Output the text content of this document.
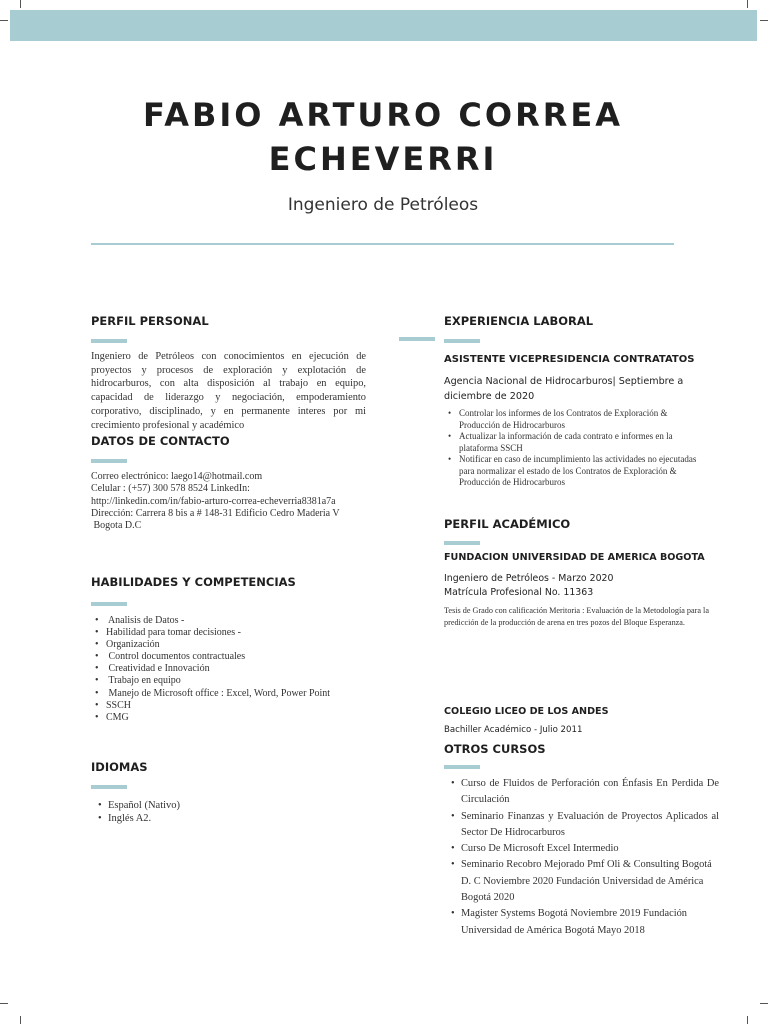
FABIO ARTURO CORREA ECHEVERRI
Ingeniero de Petróleos
PERFIL PERSONAL
Ingeniero de Petróleos con conocimientos en ejecución de proyectos y procesos de exploración y explotación de hidrocarburos, con alta disposición al trabajo en equipo, capacidad de liderazgo y negociación, empoderamiento corporativo, disciplinado, y en permanente interes por mi crecimiento profesional y académico
DATOS DE CONTACTO
Correo electrónico: laego14@hotmail.com
Celular : (+57) 300 578 8524 LinkedIn:
http://linkedin.com/in/fabio-arturo-correa-echeverria8381a7a
Dirección: Carrera 8 bis a # 148-31 Edificio Cedro Maderia V
Bogota D.C
HABILIDADES Y COMPETENCIAS
•  Analisis de Datos -
• Habilidad para tomar decisiones -
• Organización
•  Control documentos contractuales
•  Creatividad e Innovación
•  Trabajo en equipo
•  Manejo de Microsoft office : Excel, Word, Power Point
• SSCH
• CMG
IDIOMAS
• Español (Nativo)
• Inglés A2.
EXPERIENCIA LABORAL
ASISTENTE VICEPRESIDENCIA CONTRATATOS
Agencia Nacional de Hidrocarburos| Septiembre a
diciembre de 2020
• Controlar los informes de los Contratos de Exploración & Producción de Hidrocarburos
• Actualizar la información de cada contrato e informes en la plataforma SSCH
• Notificar en caso de incumplimiento las actividades no ejecutadas para normalizar el estado de los Contratos de Exploración & Producción de Hidrocarburos
PERFIL ACADÉMICO
FUNDACION UNIVERSIDAD DE AMERICA BOGOTA
Ingeniero de Petróleos - Marzo 2020
Matrícula Profesional No. 11363
Tesis de Grado con calificación Meritoria : Evaluación de la Metodología para la predicción de la producción de arena en tres pozos del Bloque Esperanza.
COLEGIO LICEO DE LOS ANDES
Bachiller Académico - Julio 2011
OTROS CURSOS
• Curso de Fluidos de Perforación con Énfasis En Perdida De Circulación
• Seminario Finanzas y Evaluación de Proyectos Aplicados al Sector De Hidrocarburos
• Curso De Microsoft Excel Intermedio
• Seminario Recobro Mejorado Pmf Oli & Consulting Bogotá D. C Noviembre 2020 Fundación Universidad de América Bogotá 2020
• Magister Systems Bogotá Noviembre 2019 Fundación Universidad de América Bogotá Mayo 2018
